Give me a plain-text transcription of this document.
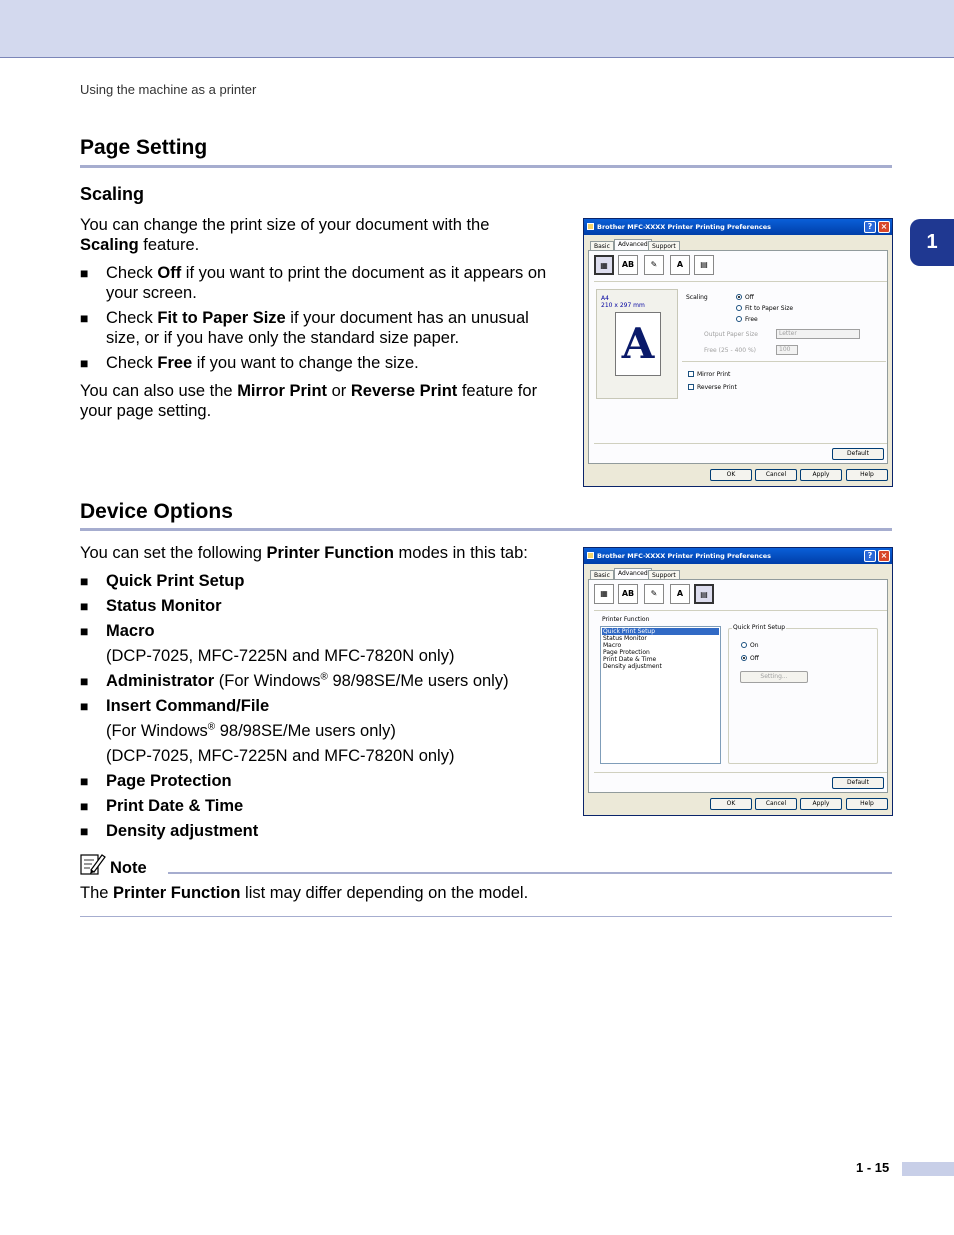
Using the machine as a printer
1
Page Setting
Scaling
You can change the print size of your document with the
Scaling feature.
■ Check Off if you want to print the document as it appears on your screen.
■ Check Fit to Paper Size if your document has an unusual size, or if you have only the standard size paper.
■ Check Free if you want to change the size.
You can also use the Mirror Print or Reverse Print feature for your page setting.
Brother MFC-XXXX Printer Printing Preferences	?	×
Basic	Advanced Support
▦	AB	✎	A	▤
A4
210 x 297 mm
A
Scaling	Off
Fit to Paper Size
Free
Output Paper Size	Letter
Free (25 - 400 %)	100
Mirror Print
Reverse Print
Default
OK	Cancel	Apply	Help
Device Options
You can set the following Printer Function modes in this tab:
■ Quick Print Setup
■ Status Monitor
■ Macro
(DCP-7025, MFC-7225N and MFC-7820N only)
■ Administrator (For Windows® 98/98SE/Me users only)
■ Insert Command/File
(For Windows® 98/98SE/Me users only)
(DCP-7025, MFC-7225N and MFC-7820N only)
■ Page Protection
■ Print Date & Time
■ Density adjustment
Brother MFC-XXXX Printer Printing Preferences	?	×
Basic	Advanced Support
▦	AB	✎	A	▤
Printer Function
Quick Print Setup
Status Monitor
Macro
Page Protection
Print Date & Time
Density adjustment
Quick Print Setup
On
Off
Setting...
Default
OK	Cancel	Apply	Help
Note
The Printer Function list may differ depending on the model.
1 - 15
